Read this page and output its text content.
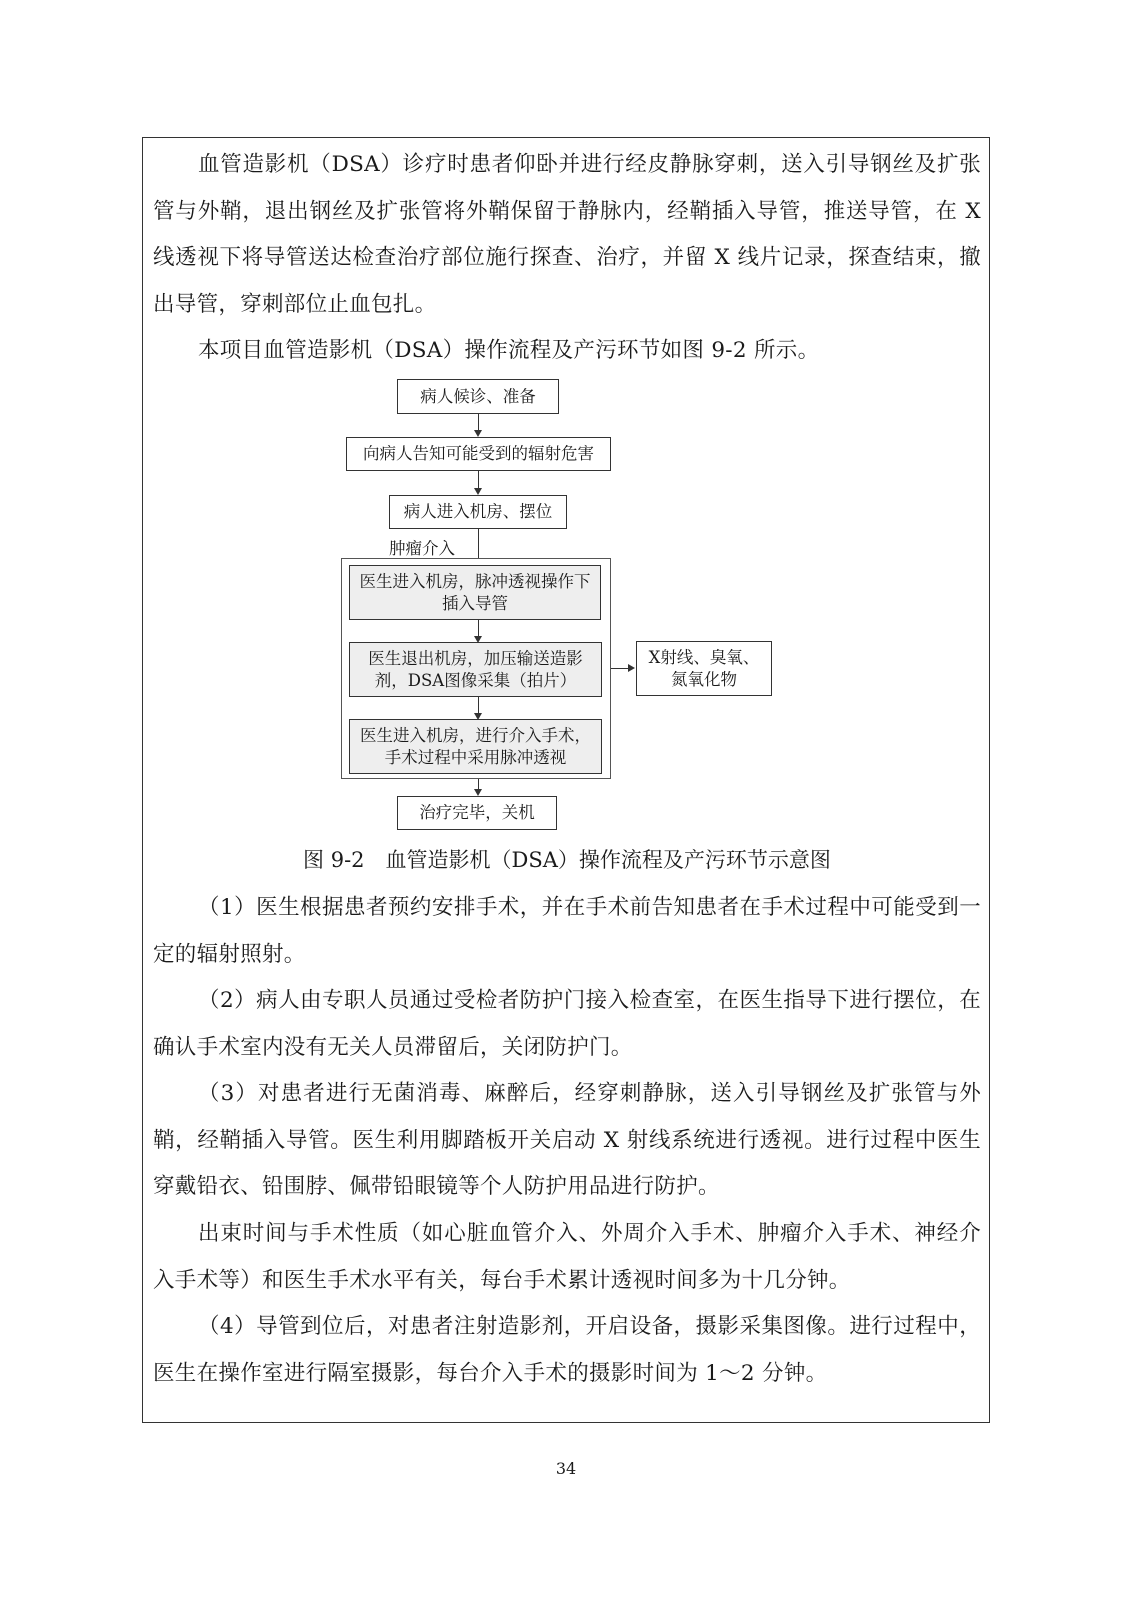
血管造影机（DSA）诊疗时患者仰卧并进行经皮静脉穿刺，送入引导钢丝及扩张管与外鞘，退出钢丝及扩张管将外鞘保留于静脉内，经鞘插入导管，推送导管，在 X 线透视下将导管送达检查治疗部位施行探查、治疗，并留 X 线片记录，探查结束，撤出导管，穿刺部位止血包扎。

本项目血管造影机（DSA）操作流程及产污环节如图 9-2 所示。

病人候诊、准备
向病人告知可能受到的辐射危害
病人进入机房、摆位
肿瘤介入
医生进入机房，脉冲透视操作下插入导管
医生退出机房，加压输送造影剂，DSA图像采集（拍片）
医生进入机房，进行介入手术，手术过程中采用脉冲透视
X射线、臭氧、氮氧化物
治疗完毕，关机
图 9-2　血管造影机（DSA）操作流程及产污环节示意图

（1）医生根据患者预约安排手术，并在手术前告知患者在手术过程中可能受到一定的辐射照射。

（2）病人由专职人员通过受检者防护门接入检查室，在医生指导下进行摆位，在确认手术室内没有无关人员滞留后，关闭防护门。

（3）对患者进行无菌消毒、麻醉后，经穿刺静脉，送入引导钢丝及扩张管与外鞘，经鞘插入导管。医生利用脚踏板开关启动 X 射线系统进行透视。进行过程中医生穿戴铅衣、铅围脖、佩带铅眼镜等个人防护用品进行防护。

出束时间与手术性质（如心脏血管介入、外周介入手术、肿瘤介入手术、神经介入手术等）和医生手术水平有关，每台手术累计透视时间多为十几分钟。

（4）导管到位后，对患者注射造影剂，开启设备，摄影采集图像。进行过程中，医生在操作室进行隔室摄影，每台介入手术的摄影时间为 1～2 分钟。

34
